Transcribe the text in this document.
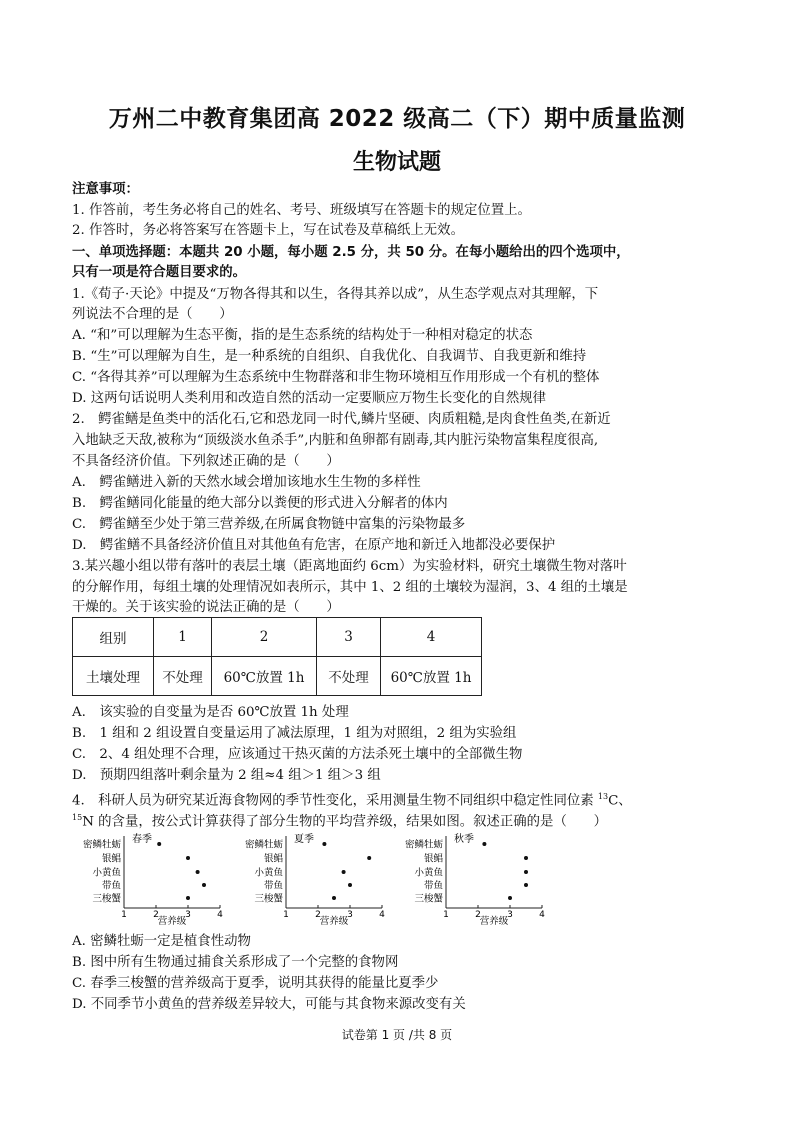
万州二中教育集团高 2022 级高二（下）期中质量监测
生物试题
注意事项：
1. 作答前，考生务必将自己的姓名、考号、班级填写在答题卡的规定位置上。
2. 作答时，务必将答案写在答题卡上，写在试卷及草稿纸上无效。
一、单项选择题：本题共 20 小题，每小题 2.5 分，共 50 分。在每小题给出的四个选项中，
只有一项是符合题目要求的。
1.《荀子·天论》中提及“万物各得其和以生，各得其养以成”，从生态学观点对其理解，下
列说法不合理的是（　　）
A. “和”可以理解为生态平衡，指的是生态系统的结构处于一种相对稳定的状态
B. “生”可以理解为自生，是一种系统的自组织、自我优化、自我调节、自我更新和维持
C. “各得其养”可以理解为生态系统中生物群落和非生物环境相互作用形成一个有机的整体
D. 这两句话说明人类利用和改造自然的活动一定要顺应万物生长变化的自然规律
2.　鳄雀鳝是鱼类中的活化石,它和恐龙同一时代,鳞片坚硬、肉质粗糙,是肉食性鱼类,在新近
入地缺乏天敌,被称为“顶级淡水鱼杀手”,内脏和鱼卵都有剧毒,其内脏污染物富集程度很高,
不具备经济价值。下列叙述正确的是（　　）
A.　鳄雀鳝进入新的天然水域会增加该地水生生物的多样性
B.　鳄雀鳝同化能量的绝大部分以粪便的形式进入分解者的体内
C.　鳄雀鳝至少处于第三营养级,在所属食物链中富集的污染物最多
D.　鳄雀鳝不具备经济价值且对其他鱼有危害，在原产地和新迁入地都没必要保护
3.某兴趣小组以带有落叶的表层土壤（距离地面约 6cm）为实验材料，研究土壤微生物对落叶
的分解作用，每组土壤的处理情况如表所示，其中 1、2 组的土壤较为湿润，3、4 组的土壤是
干燥的。关于该实验的说法正确的是（　　）
组别	1	2	3	4
土壤处理	不处理	60℃放置 1h	不处理	60℃放置 1h
A.　该实验的自变量为是否 60℃放置 1h 处理
B.　1 组和 2 组设置自变量运用了减法原理，1 组为对照组，2 组为实验组
C.　2、4 组处理不合理，应该通过干热灭菌的方法杀死土壤中的全部微生物
D.　预期四组落叶剩余量为 2 组≈4 组＞1 组＞3 组
4.　科研人员为研究某近海食物网的季节性变化，采用测量生物不同组织中稳定性同位素 $^{13}$C、
$^{15}$N 的含量，按公式计算获得了部分生物的平均营养级，结果如图。叙述正确的是（　　）
春季
密鳞牡蛎
银鲳
小黄鱼
带鱼
三梭蟹
1	2	3	4
营养级
夏季
密鳞牡蛎
银鲳
小黄鱼
带鱼
三梭蟹
1	2	3	4
营养级
秋季
密鳞牡蛎
银鲳
小黄鱼
带鱼
三梭蟹
1	2	3	4
营养级
A. 密鳞牡蛎一定是植食性动物
B. 图中所有生物通过捕食关系形成了一个完整的食物网
C. 春季三梭蟹的营养级高于夏季，说明其获得的能量比夏季少
D. 不同季节小黄鱼的营养级差异较大，可能与其食物来源改变有关
试卷第 1 页 /共 8 页
